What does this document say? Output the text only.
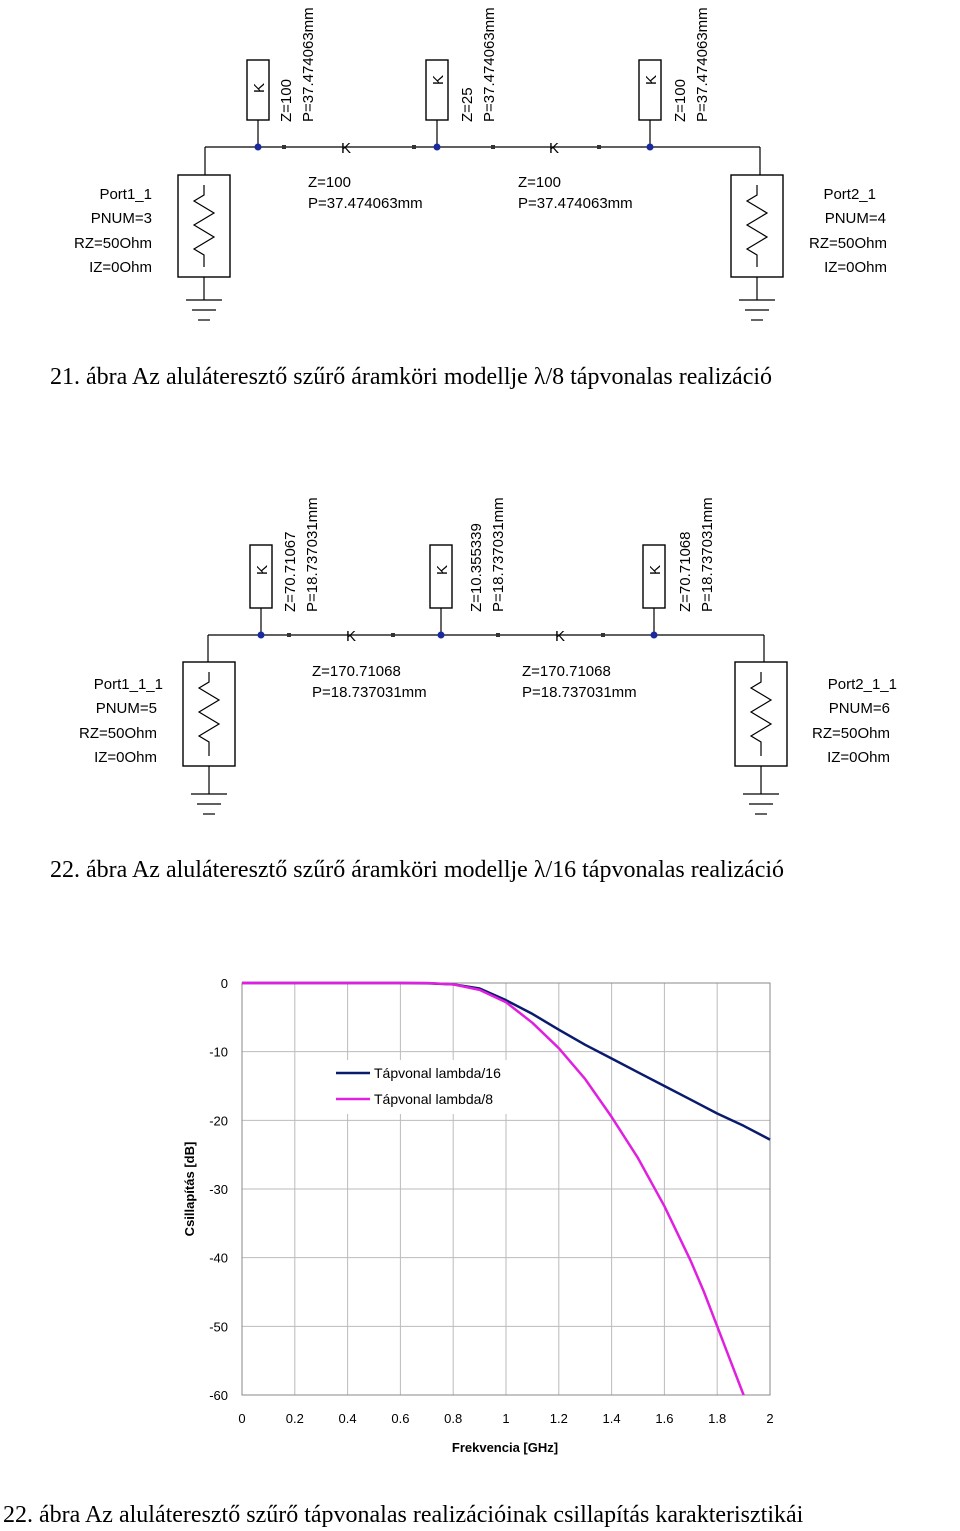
Port1_1
PNUM=3
RZ=50Ohm
IZ=0Ohm
Port2_1
PNUM=4
RZ=50Ohm
IZ=0Ohm
K
Z=100
P=37.474063mm
K
Z=100
P=37.474063mm
K Z=100 P=37.474063mm	K
Z=25 P=37.474063mm	K Z=100 P=37.474063mm
21. ábra Az aluláteresztő szűrő áramköri modellje λ/8 tápvonalas realizáció
Port1_1_1
PNUM=5
RZ=50Ohm
IZ=0Ohm
Port2_1_1
PNUM=6
RZ=50Ohm
IZ=0Ohm
K
Z=170.71068
P=18.737031mm
K
Z=170.71068
P=18.737031mm
K Z=70.71067 P=18.737031mm	K Z=10.355339 P=18.737031mm	K Z=70.71068 P=18.737031mm
22. ábra Az aluláteresztő szűrő áramköri modellje λ/16 tápvonalas realizáció
0
-10
-20
-30
-40
-50
-60
0	0.2	0.4	0.6	0.8	1	1.2	1.4	1.6	1.8	2
Frekvencia [GHz]
Csillapítás [dB]
Tápvonal lambda/16
Tápvonal lambda/8
22. ábra Az aluláteresztő szűrő tápvonalas realizációinak csillapítás karakterisztikái
